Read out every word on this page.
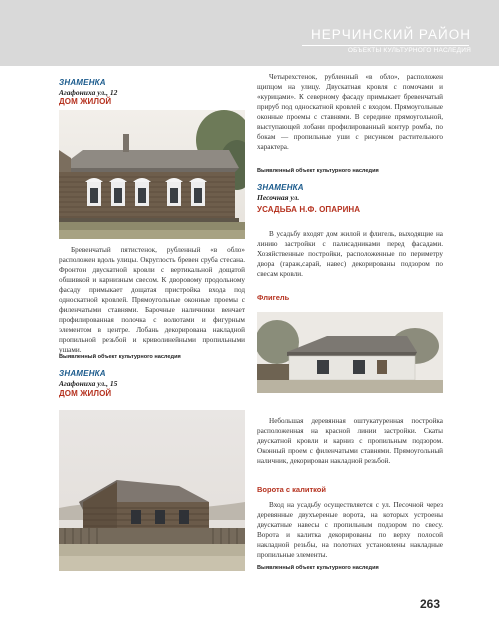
НЕРЧИНСКИЙ РАЙОН
ОБЪЕКТЫ КУЛЬТУРНОГО НАСЛЕДИЯ
ЗНАМЕНКА
Агафониха ул., 12
ДОМ ЖИЛОЙ

Бревенчатый пятистенок, рубленный «в обло» расположен вдоль улицы. Округлость бревен сруба стесана. Фронтон двускатной кровли с вертикальной дощатой обшивкой и карнизным свесом. К дворовому продольному фасаду примыкает дощатая пристройка входа под односкатной кровлей. Прямоугольные оконные проемы с филенчатыми ставнями. Барочные наличники венчает профилированная полочка с волютами и фигурным элементом в центре. Лобань декорирована накладной пропильной резьбой и криволинейными пропильными ушами.

Выявленный объект культурного наследия
ЗНАМЕНКА
Агафониха ул., 15
ДОМ ЖИЛОЙ

Четырехстенок, рубленный «в обло», расположен щипцом на улицу. Двускатная кровля с помочами и «курицами». К северному фасаду примыкает бревенчатый прируб под односкатной кровлей с входом. Прямоугольные оконные проемы с ставнями. В середине прямоугольной, выступающей лобани профилированный контур ромба, по бокам — пропильные уши с рисунком растительного характера.

Выявленный объект культурного наследия
ЗНАМЕНКА
Песочная ул.
УСАДЬБА Н.Ф. ОПАРИНА

В усадьбу входят дом жилой и флигель, выходящие на линию застройки с палисадниками перед фасадами. Хозяйственные постройки, расположенные по периметру двора (гараж,сарай, навес) декорированы подзором по свесам кровли.

Флигель

Небольшая деревянная оштукатуренная постройка расположенная на красной линии застройки. Скаты двускатной кровли и карниз с пропильным подзором. Оконный проем с филенчатыми ставнями. Прямоугольный наличник, декорирован накладной резьбой.

Ворота с калиткой

Вход на усадьбу осуществляется с ул. Песочной через деревянные двухъереные ворота, на которых устроены двускатные навесы с пропильным подзором по свесу. Ворота и калитка декорированы по верху полосой накладной резьбы, на полотнах установлены накладные пропильные элементы.

Выявленный объект культурного наследия
263
